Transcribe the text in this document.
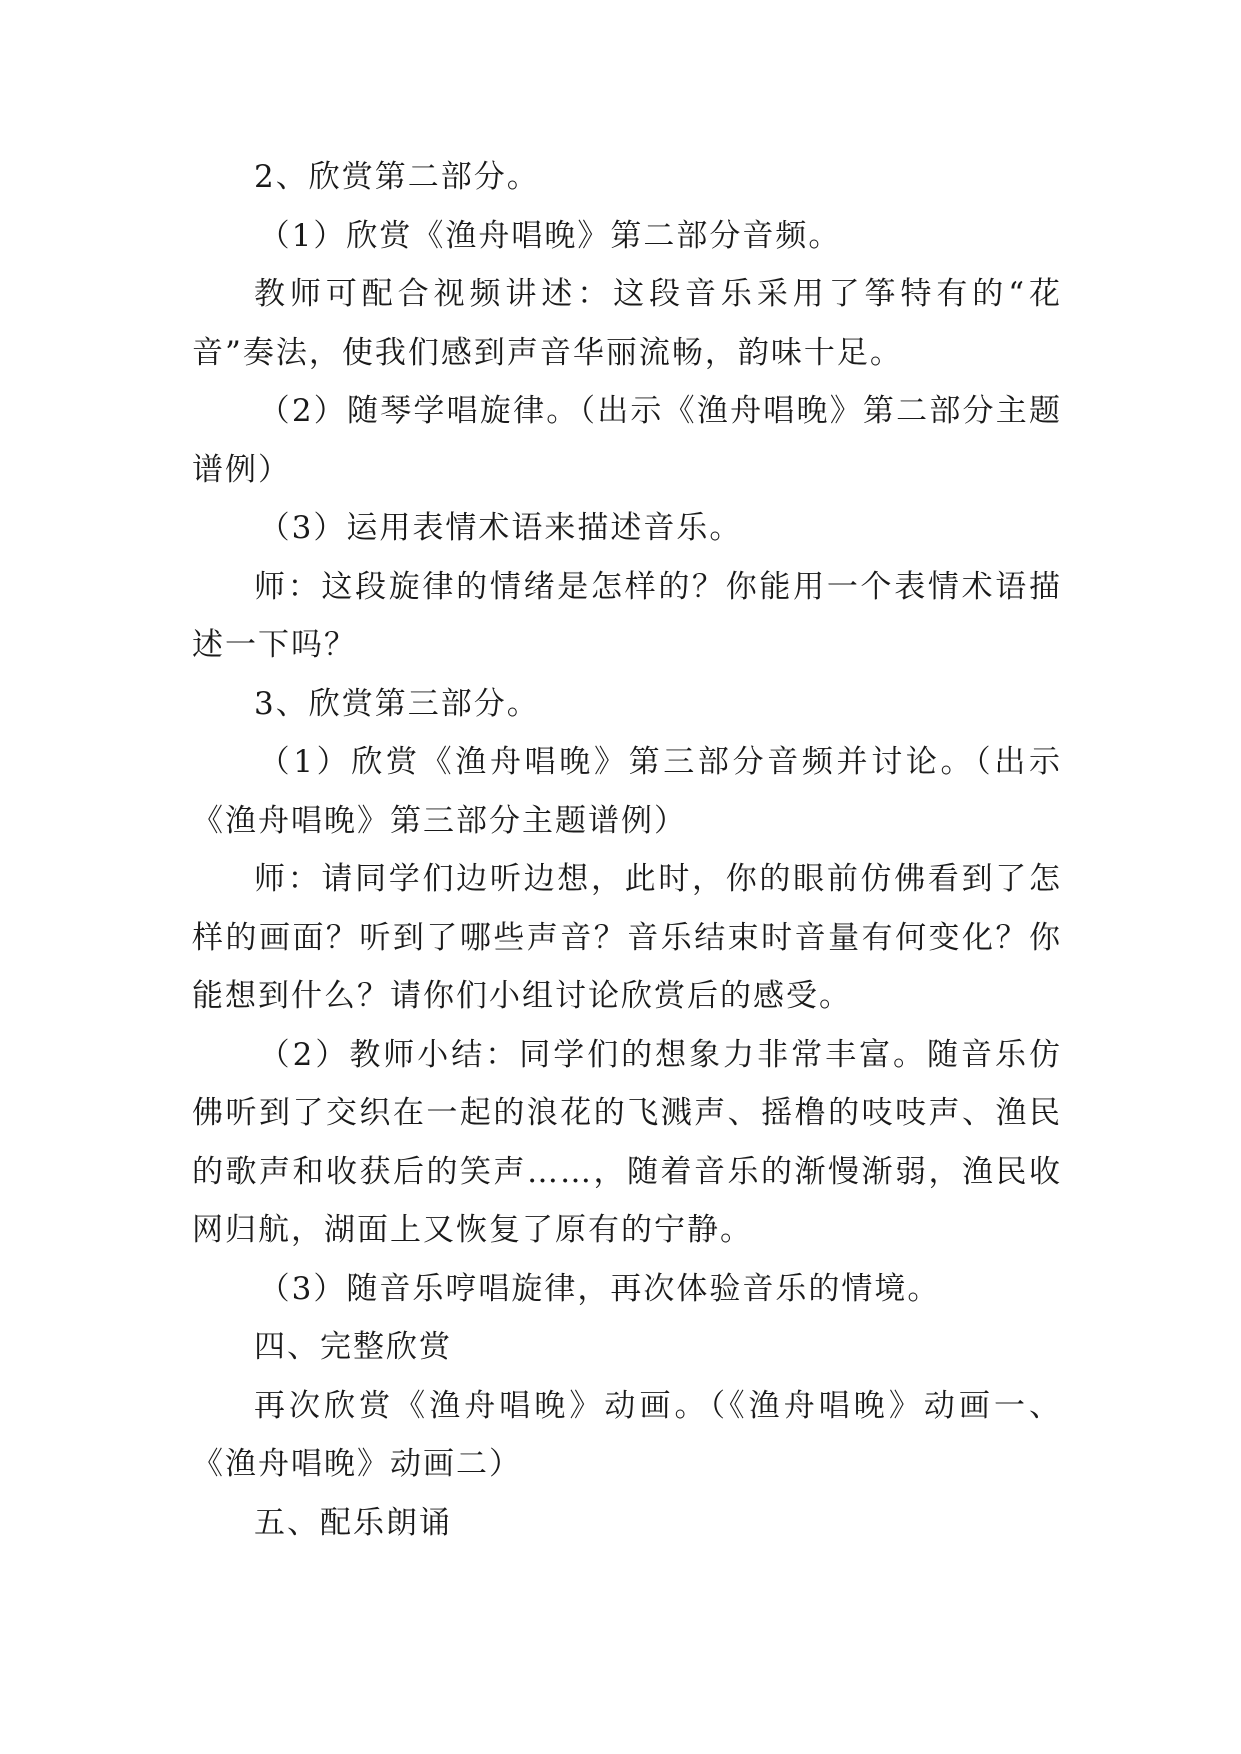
2、欣赏第二部分。

（1）欣赏《渔舟唱晚》第二部分音频。

教师可配合视频讲述：这段音乐采用了筝特有的“花音”奏法，使我们感到声音华丽流畅，韵味十足。

（2）随琴学唱旋律。（出示《渔舟唱晚》第二部分主题谱例）

（3）运用表情术语来描述音乐。

师：这段旋律的情绪是怎样的？你能用一个表情术语描述一下吗？

3、欣赏第三部分。

（1）欣赏《渔舟唱晚》第三部分音频并讨论。（出示《渔舟唱晚》第三部分主题谱例）

师：请同学们边听边想，此时，你的眼前仿佛看到了怎样的画面？听到了哪些声音？音乐结束时音量有何变化？你能想到什么？请你们小组讨论欣赏后的感受。

（2）教师小结：同学们的想象力非常丰富。随音乐仿佛听到了交织在一起的浪花的飞溅声、摇橹的吱吱声、渔民的歌声和收获后的笑声……，随着音乐的渐慢渐弱，渔民收网归航，湖面上又恢复了原有的宁静。

（3）随音乐哼唱旋律，再次体验音乐的情境。

四、完整欣赏

再次欣赏《渔舟唱晚》动画。（《渔舟唱晚》动画一、《渔舟唱晚》动画二）

五、配乐朗诵
